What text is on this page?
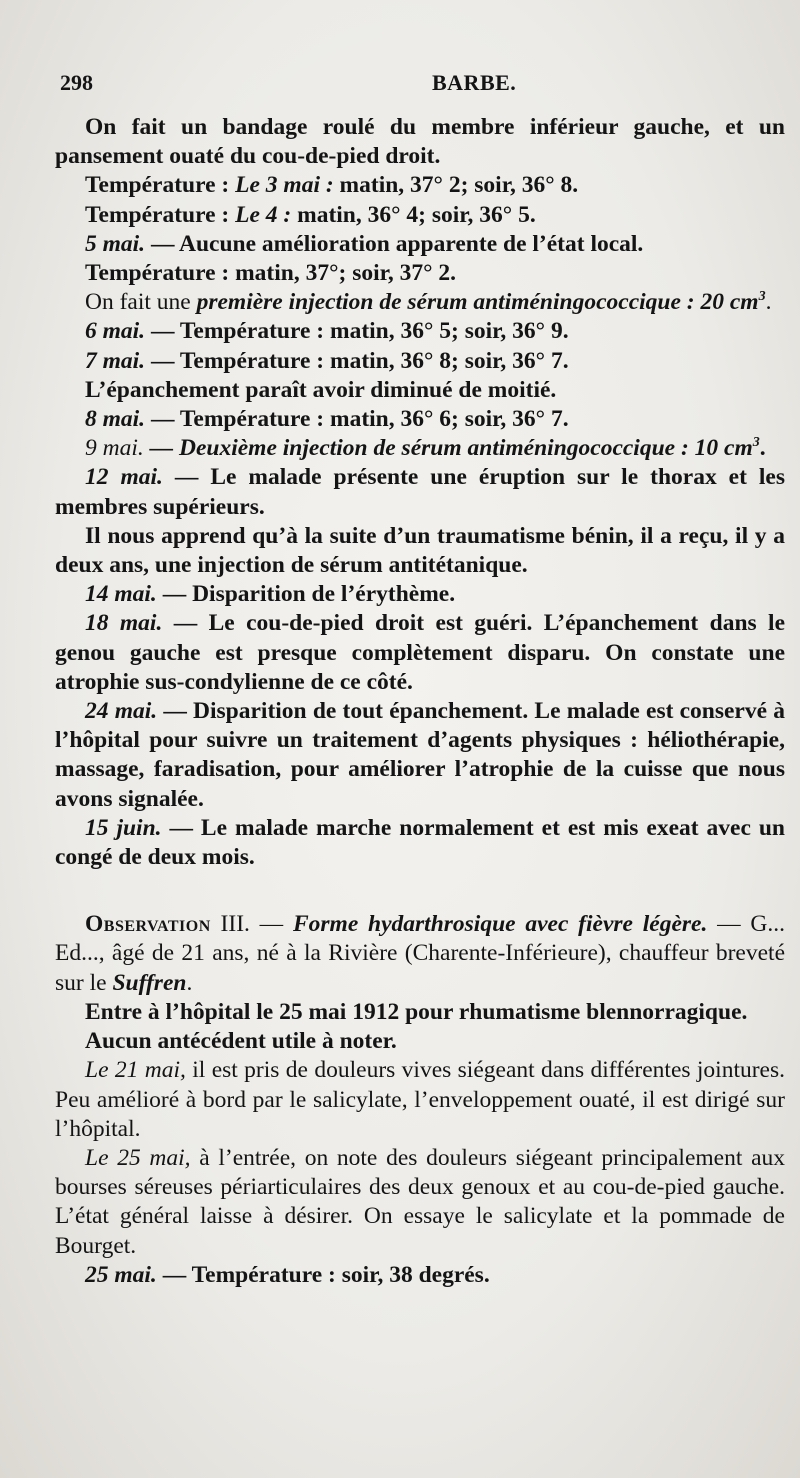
298	BARBE.

On fait un bandage roulé du membre inférieur gauche, et un pansement ouaté du cou-de-pied droit.

Température : Le 3 mai : matin, 37° 2; soir, 36° 8.

Température : Le 4 : matin, 36° 4; soir, 36° 5.

5 mai. — Aucune amélioration apparente de l’état local.

Température : matin, 37°; soir, 37° 2.

On fait une première injection de sérum antiméningococcique : 20 $cm^3$.

6 mai. — Température : matin, 36° 5; soir, 36° 9.

7 mai. — Température : matin, 36° 8; soir, 36° 7.

L’épanchement paraît avoir diminué de moitié.

8 mai. — Température : matin, 36° 6; soir, 36° 7.

9 mai. — Deuxième injection de sérum antiméningococcique : 10 $cm^3$.

12 mai. — Le malade présente une éruption sur le thorax et les membres supérieurs.

Il nous apprend qu’à la suite d’un traumatisme bénin, il a reçu, il y a deux ans, une injection de sérum antitétanique.

14 mai. — Disparition de l’érythème.

18 mai. — Le cou-de-pied droit est guéri. L’épanchement dans le genou gauche est presque complètement disparu. On constate une atrophie sus-condylienne de ce côté.

24 mai. — Disparition de tout épanchement. Le malade est conservé à l’hôpital pour suivre un traitement d’agents physiques : héliothérapie, massage, faradisation, pour améliorer l’atrophie de la cuisse que nous avons signalée.

15 juin. — Le malade marche normalement et est mis exeat avec un congé de deux mois.

Observation III. — Forme hydarthrosique avec fièvre légère. — G... Ed..., âgé de 21 ans, né à la Rivière (Charente-Inférieure), chauffeur breveté sur le Suffren.

Entre à l’hôpital le 25 mai 1912 pour rhumatisme blennorragique.

Aucun antécédent utile à noter.

Le 21 mai, il est pris de douleurs vives siégeant dans différentes jointures. Peu amélioré à bord par le salicylate, l’enveloppement ouaté, il est dirigé sur l’hôpital.

Le 25 mai, à l’entrée, on note des douleurs siégeant principalement aux bourses séreuses périarticulaires des deux genoux et au cou-de-pied gauche. L’état général laisse à désirer. On essaye le salicylate et la pommade de Bourget.

25 mai. — Température : soir, 38 degrés.
